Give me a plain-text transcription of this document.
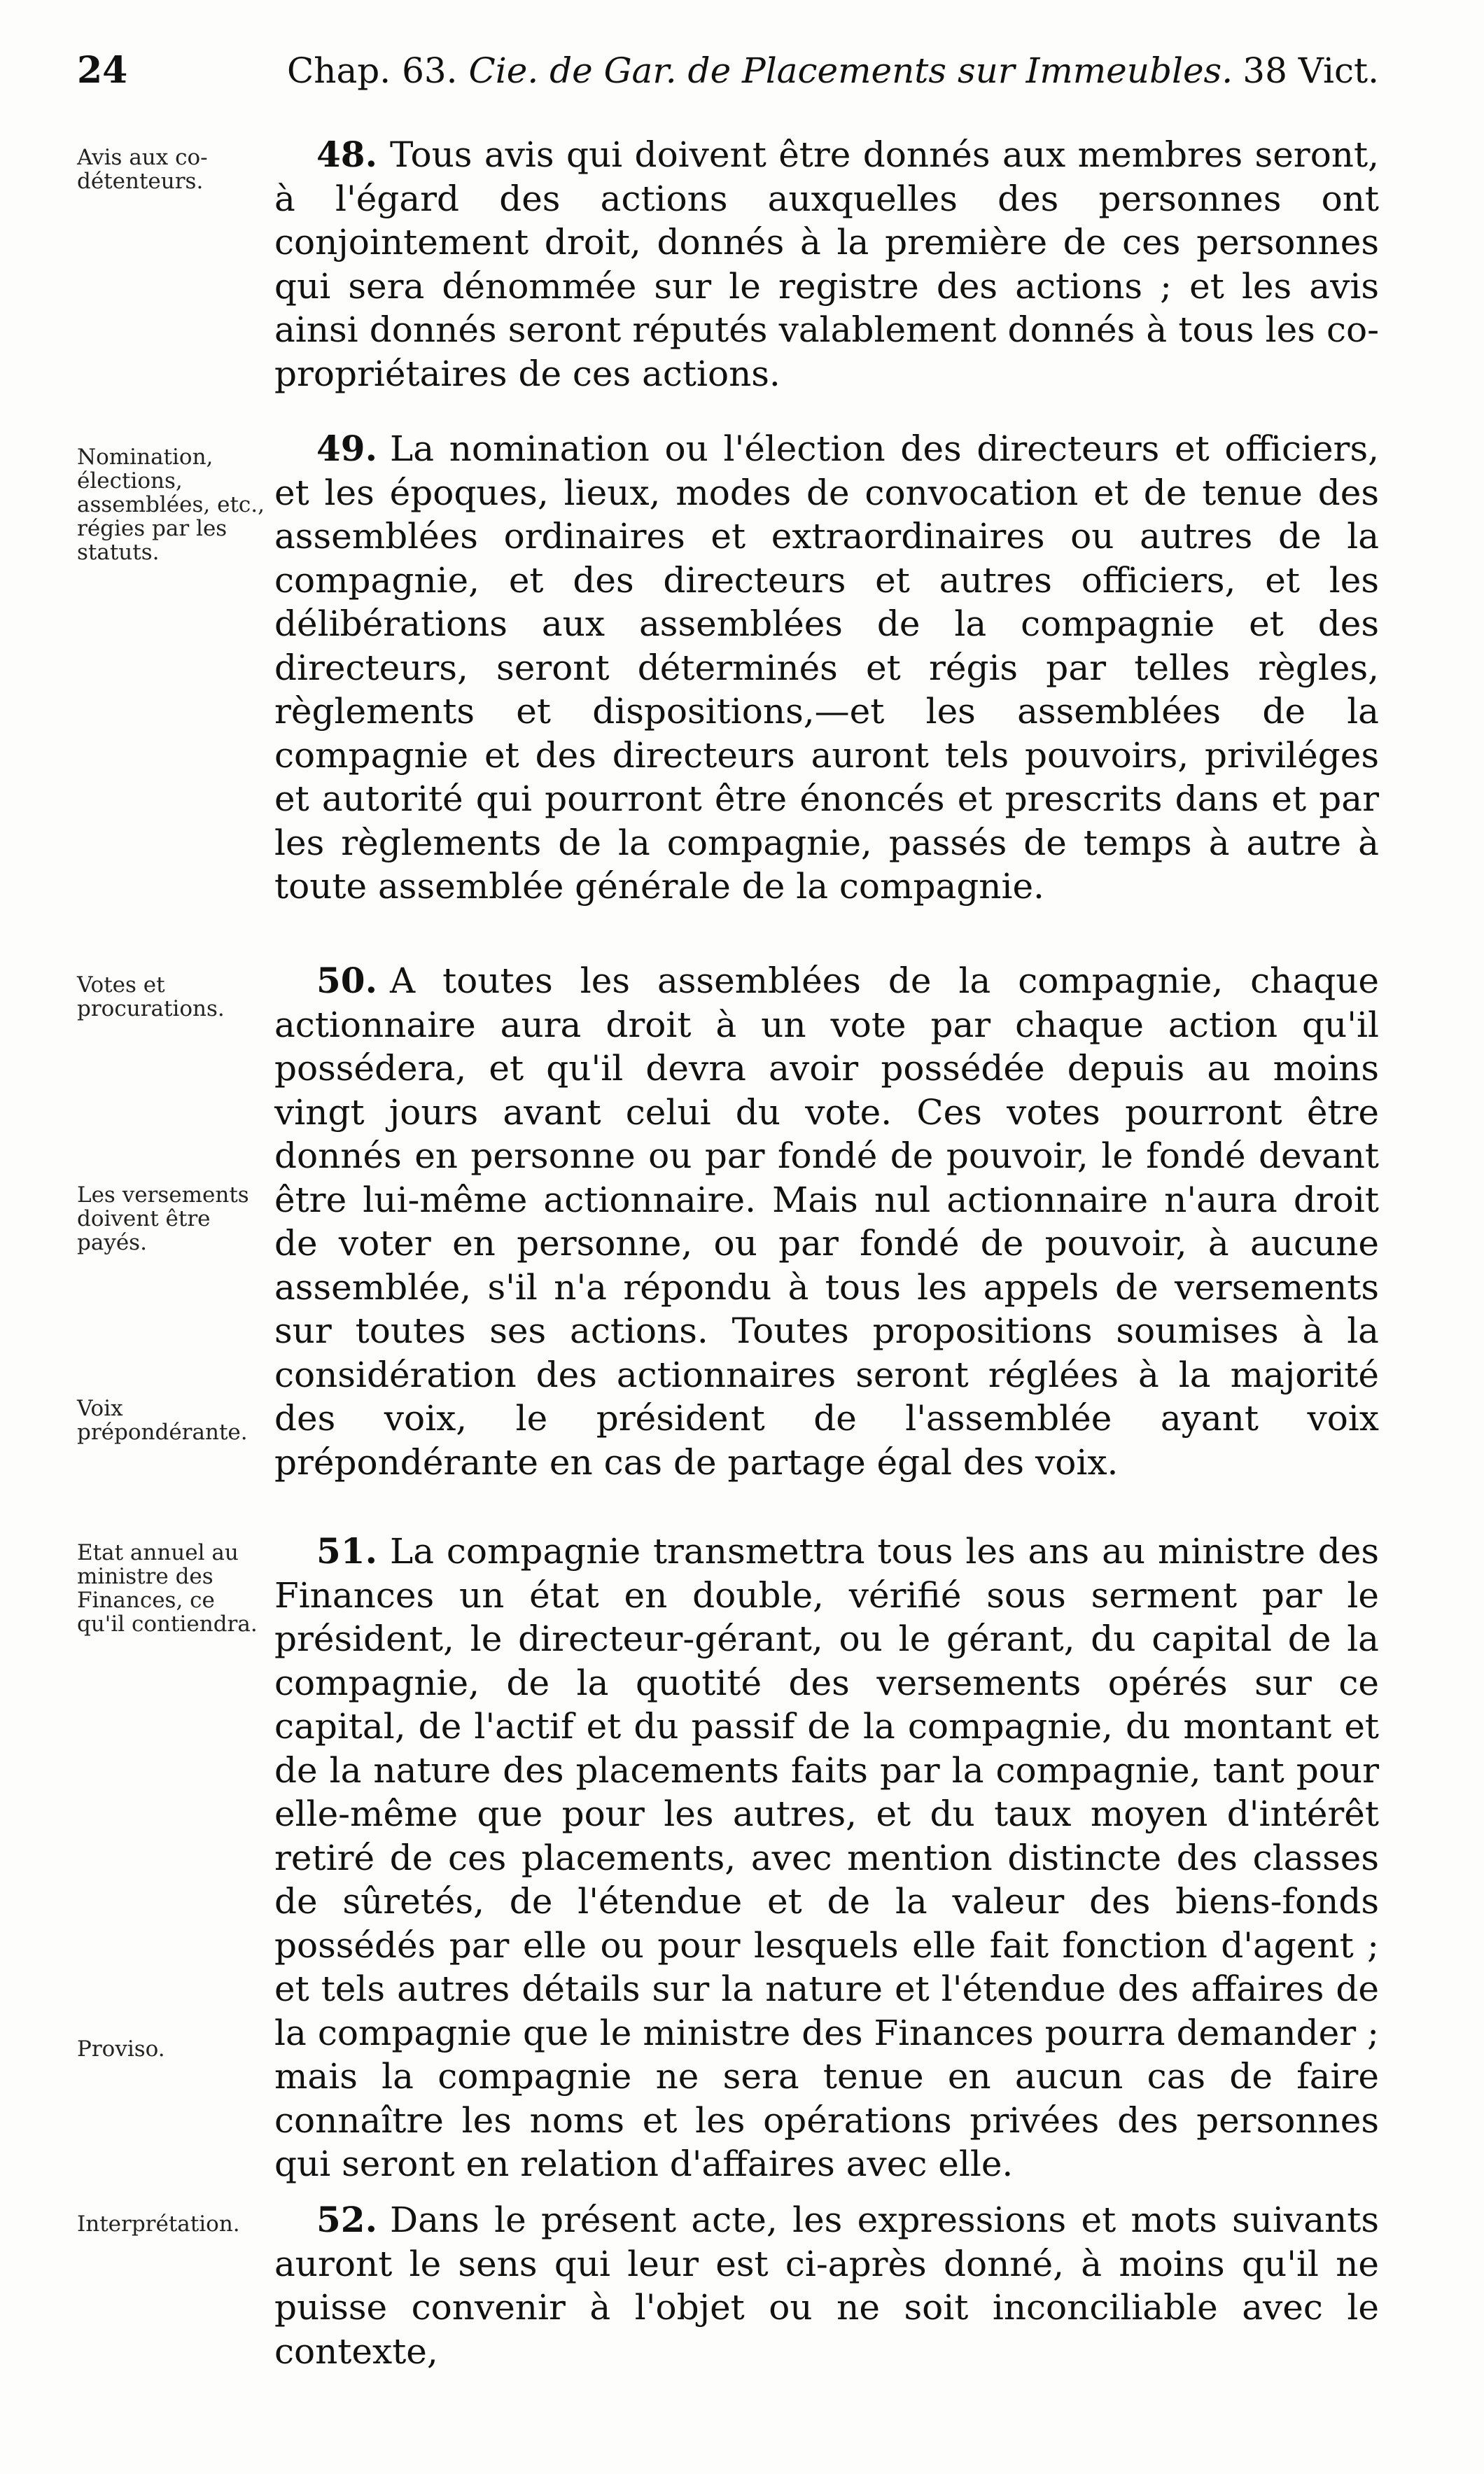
24	Chap. 63. Cie. de Gar. de Placements sur Immeubles. 38 Vict.
Avis aux co-détenteurs.
48. Tous avis qui doivent être donnés aux membres seront, à l'égard des actions auxquelles des personnes ont conjointement droit, donnés à la première de ces personnes qui sera dénommée sur le registre des actions ; et les avis ainsi donnés seront réputés valablement donnés à tous les co-propriétaires de ces actions.
Nomination, élections, assemblées, etc., régies par les statuts.
49. La nomination ou l'élection des directeurs et officiers, et les époques, lieux, modes de convocation et de tenue des assemblées ordinaires et extraordinaires ou autres de la compagnie, et des directeurs et autres officiers, et les délibérations aux assemblées de la compagnie et des directeurs, seront déterminés et régis par telles règles, règlements et dispositions,—et les assemblées de la compagnie et des directeurs auront tels pouvoirs, priviléges et autorité qui pourront être énoncés et prescrits dans et par les règlements de la compagnie, passés de temps à autre à toute assemblée générale de la compagnie.
Votes et procurations.
Les versements doivent être payés.
Voix prépondérante.
50. A toutes les assemblées de la compagnie, chaque actionnaire aura droit à un vote par chaque action qu'il possédera, et qu'il devra avoir possédée depuis au moins vingt jours avant celui du vote. Ces votes pourront être donnés en personne ou par fondé de pouvoir, le fondé devant être lui-même actionnaire. Mais nul actionnaire n'aura droit de voter en personne, ou par fondé de pouvoir, à aucune assemblée, s'il n'a répondu à tous les appels de versements sur toutes ses actions. Toutes propositions soumises à la considération des actionnaires seront réglées à la majorité des voix, le président de l'assemblée ayant voix prépondérante en cas de partage égal des voix.
Etat annuel au ministre des Finances, ce qu'il contiendra.
Proviso.
51. La compagnie transmettra tous les ans au ministre des Finances un état en double, vérifié sous serment par le président, le directeur-gérant, ou le gérant, du capital de la compagnie, de la quotité des versements opérés sur ce capital, de l'actif et du passif de la compagnie, du montant et de la nature des placements faits par la compagnie, tant pour elle-même que pour les autres, et du taux moyen d'intérêt retiré de ces placements, avec mention distincte des classes de sûretés, de l'étendue et de la valeur des biens-fonds possédés par elle ou pour lesquels elle fait fonction d'agent ; et tels autres détails sur la nature et l'étendue des affaires de la compagnie que le ministre des Finances pourra demander ; mais la compagnie ne sera tenue en aucun cas de faire connaître les noms et les opérations privées des personnes qui seront en relation d'affaires avec elle.
Interprétation.	52. Dans le présent acte, les expressions et mots suivants auront le sens qui leur est ci-après donné, à moins qu'il ne puisse convenir à l'objet ou ne soit inconciliable avec le contexte,
